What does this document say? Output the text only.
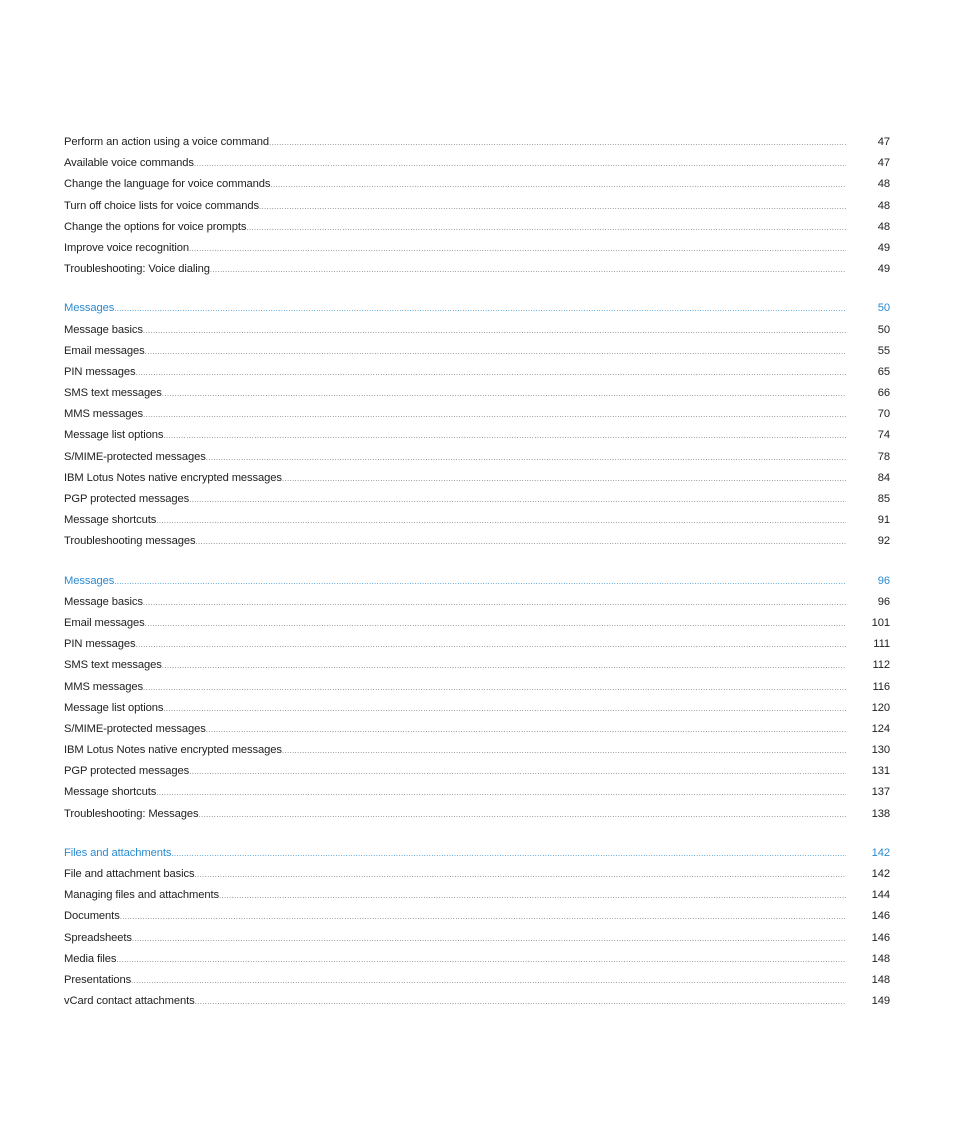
Perform an action using a voice command .....	47
Available voice commands .....	47
Change the language for voice commands .....	48
Turn off choice lists for voice commands .....	48
Change the options for voice prompts .....	48
Improve voice recognition .....	49
Troubleshooting: Voice dialing .....	49
Messages .....	50
Message basics .....	50
Email messages .....	55
PIN messages .....	65
SMS text messages .....	66
MMS messages .....	70
Message list options .....	74
S/MIME-protected messages .....	78
IBM Lotus Notes native encrypted messages .....	84
PGP protected messages .....	85
Message shortcuts .....	91
Troubleshooting messages .....	92
Messages .....	96
Message basics .....	96
Email messages .....	101
PIN messages .....	111
SMS text messages .....	112
MMS messages .....	116
Message list options .....	120
S/MIME-protected messages .....	124
IBM Lotus Notes native encrypted messages .....	130
PGP protected messages .....	131
Message shortcuts .....	137
Troubleshooting: Messages .....	138
Files and attachments .....	142
File and attachment basics .....	142
Managing files and attachments .....	144
Documents .....	146
Spreadsheets .....	146
Media files .....	148
Presentations .....	148
vCard contact attachments .....	149
